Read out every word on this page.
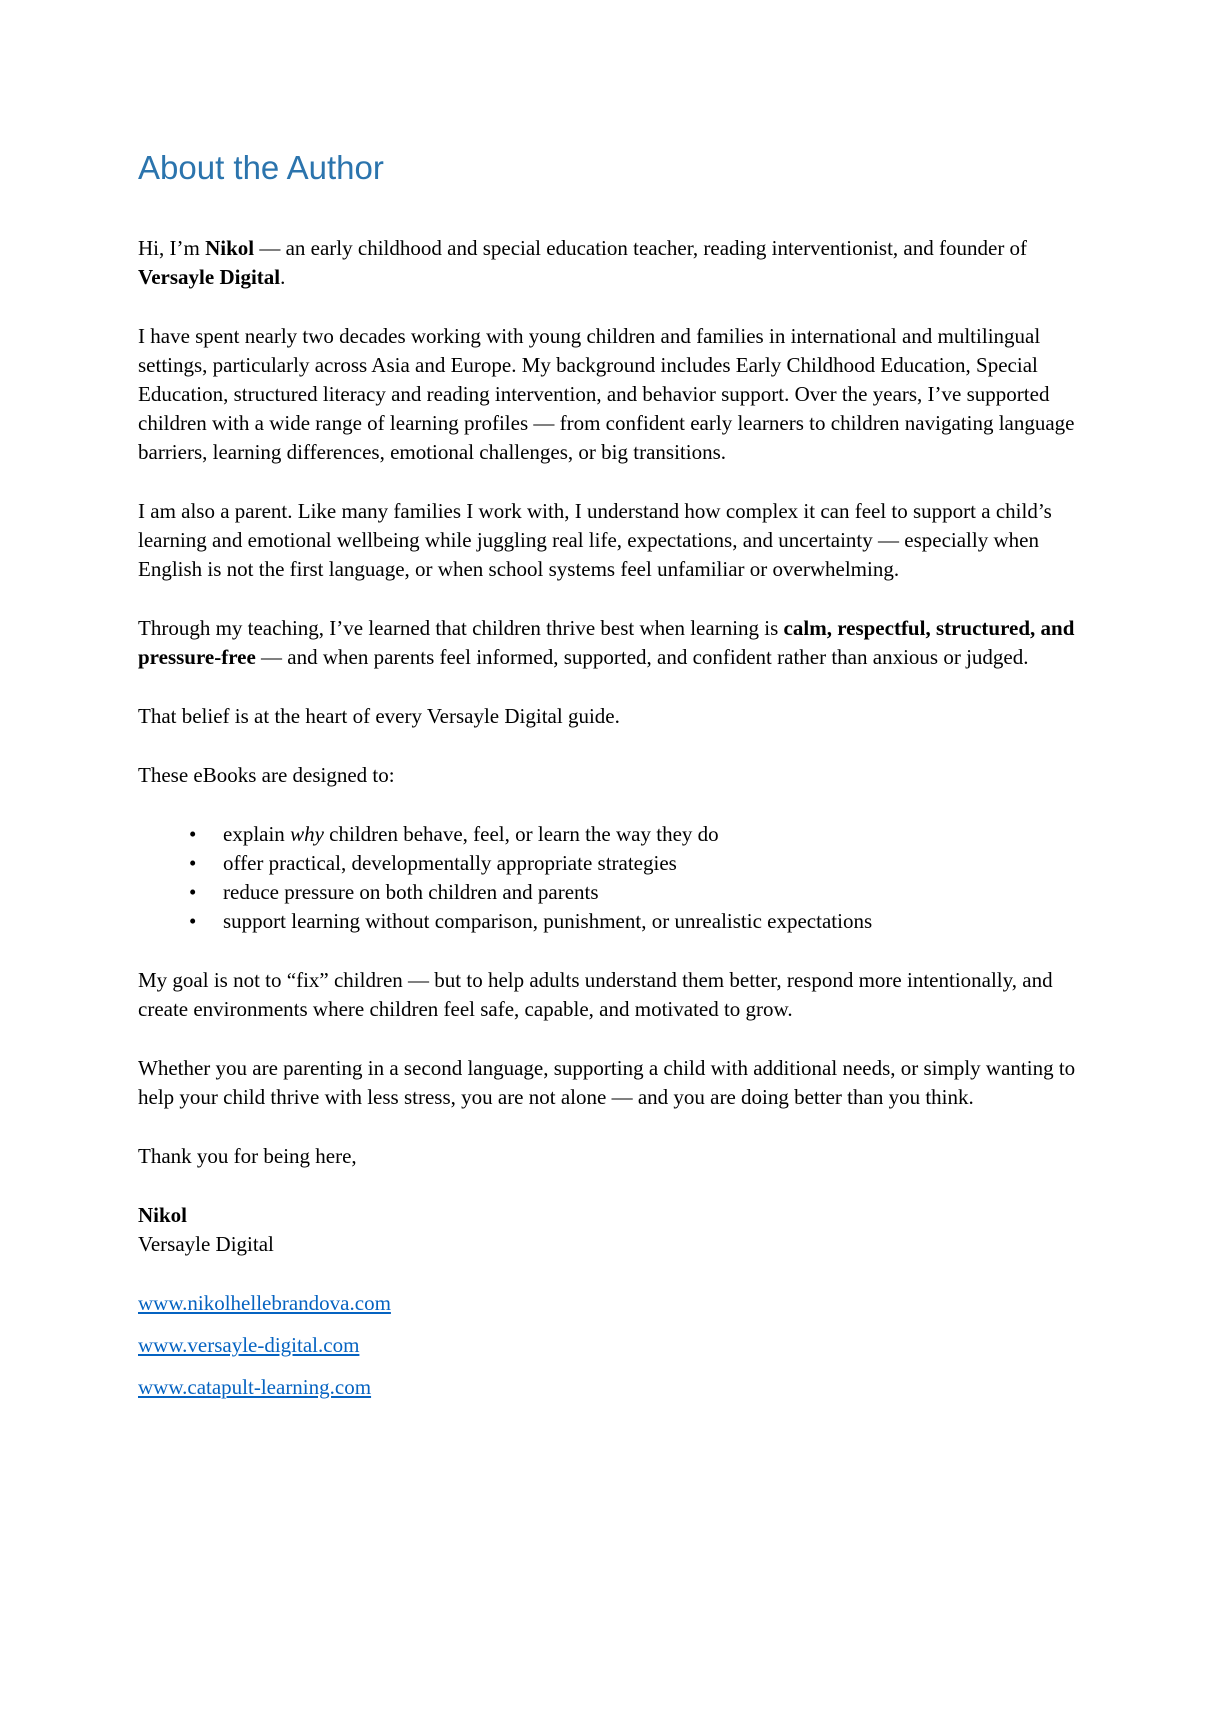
About the Author

Hi, I’m Nikol — an early childhood and special education teacher, reading interventionist, and founder of Versayle Digital.

I have spent nearly two decades working with young children and families in international and multilingual settings, particularly across Asia and Europe. My background includes Early Childhood Education, Special Education, structured literacy and reading intervention, and behavior support. Over the years, I’ve supported children with a wide range of learning profiles — from confident early learners to children navigating language barriers, learning differences, emotional challenges, or big transitions.

I am also a parent. Like many families I work with, I understand how complex it can feel to support a child’s learning and emotional wellbeing while juggling real life, expectations, and uncertainty — especially when English is not the first language, or when school systems feel unfamiliar or overwhelming.

Through my teaching, I’ve learned that children thrive best when learning is calm, respectful, structured, and pressure-free — and when parents feel informed, supported, and confident rather than anxious or judged.

That belief is at the heart of every Versayle Digital guide.

These eBooks are designed to:

• explain why children behave, feel, or learn the way they do
• offer practical, developmentally appropriate strategies
• reduce pressure on both children and parents
• support learning without comparison, punishment, or unrealistic expectations

My goal is not to “fix” children — but to help adults understand them better, respond more intentionally, and create environments where children feel safe, capable, and motivated to grow.

Whether you are parenting in a second language, supporting a child with additional needs, or simply wanting to help your child thrive with less stress, you are not alone — and you are doing better than you think.

Thank you for being here,

Nikol

Versayle Digital

www.nikolhellebrandova.com

www.versayle-digital.com

www.catapult-learning.com
